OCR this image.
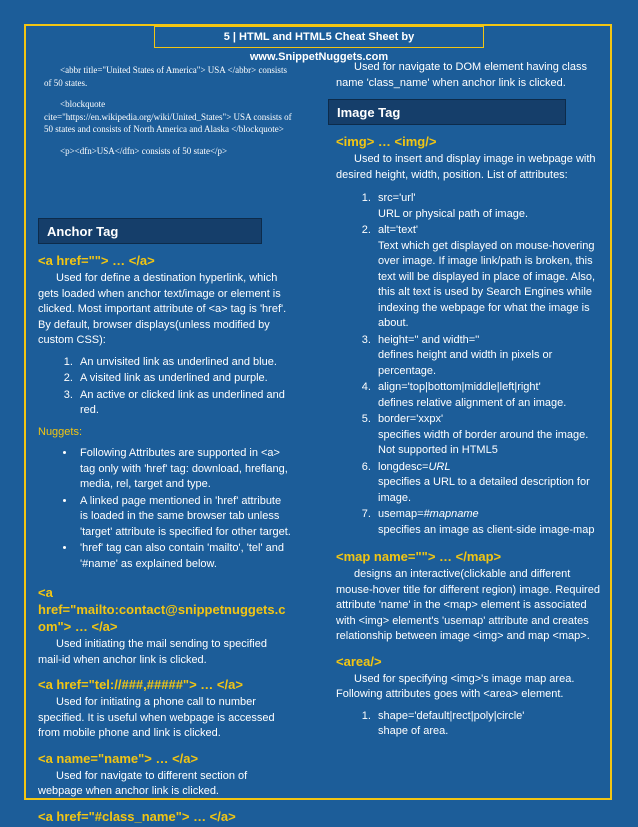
5 | HTML and HTML5 Cheat Sheet by www.SnippetNuggets.com

<abbr title="United States of America"> USA </abbr> consists of 50 states.

<blockquote cite="https://en.wikipedia.org/wiki/United_States"> USA consists of 50 states and consists of North America and Alaska </blockquote>

<p><dfn>USA</dfn> consists of 50 state</p>

Anchor Tag
<a href=""> … </a>

Used for define a destination hyperlink, which gets loaded when anchor text/image or element is clicked. Most important attribute of <a> tag is 'href'. By default, browser displays(unless modified by custom CSS):

1. An unvisited link as underlined and blue.
2. A visited link as underlined and purple.
3. An active or clicked link as underlined and red.
Nuggets:
• Following Attributes are supported in <a> tag only with 'href' tag: download, hreflang, media, rel, target and type.
• A linked page mentioned in 'href' attribute is loaded in the same browser tab unless 'target' attribute is specified for other target.
• 'href' tag can also contain 'mailto', 'tel' and '#name' as explained below.
<a href="mailto:contact@snippetnuggets.com"> … </a>

Used initiating the mail sending to specified mail-id when anchor link is clicked.

<a href="tel://###,#####"> … </a>

Used for initiating a phone call to number specified. It is useful when webpage is accessed from mobile phone and link is clicked.

<a name="name"> … </a>

Used for navigate to different section of webpage when anchor link is clicked.

<a href="#class_name"> … </a>

Used for navigate to DOM element having class name 'class_name' when anchor link is clicked.

Image Tag
<img> … <img/>

Used to insert and display image in webpage with desired height, width, position. List of attributes:

1. src='url'
URL or physical path of image.
2. alt='text'
Text which get displayed on mouse-hovering over image. If image link/path is broken, this text will be displayed in place of image. Also, this alt text is used by Search Engines while indexing the webpage for what the image is about.
3. height='' and width=''
defines height and width in pixels or percentage.
4. align='top|bottom|middle|left|right'
defines relative alignment of an image.
5. border='xxpx'
specifies width of border around the image. Not supported in HTML5
6. longdesc=URL
specifies a URL to a detailed description for image.
7. usemap=#mapname
specifies an image as client-side image-map
<map name=""> … </map>

designs an interactive(clickable and different mouse-hover title for different region) image. Required attribute 'name' in the <map> element is associated with <img> element's 'usemap' attribute and creates relationship between image <img> and map <map>.

<area/>

Used for specifying <img>'s image map area. Following attributes goes with <area> element.

1. shape='default|rect|poly|circle'
shape of area.
